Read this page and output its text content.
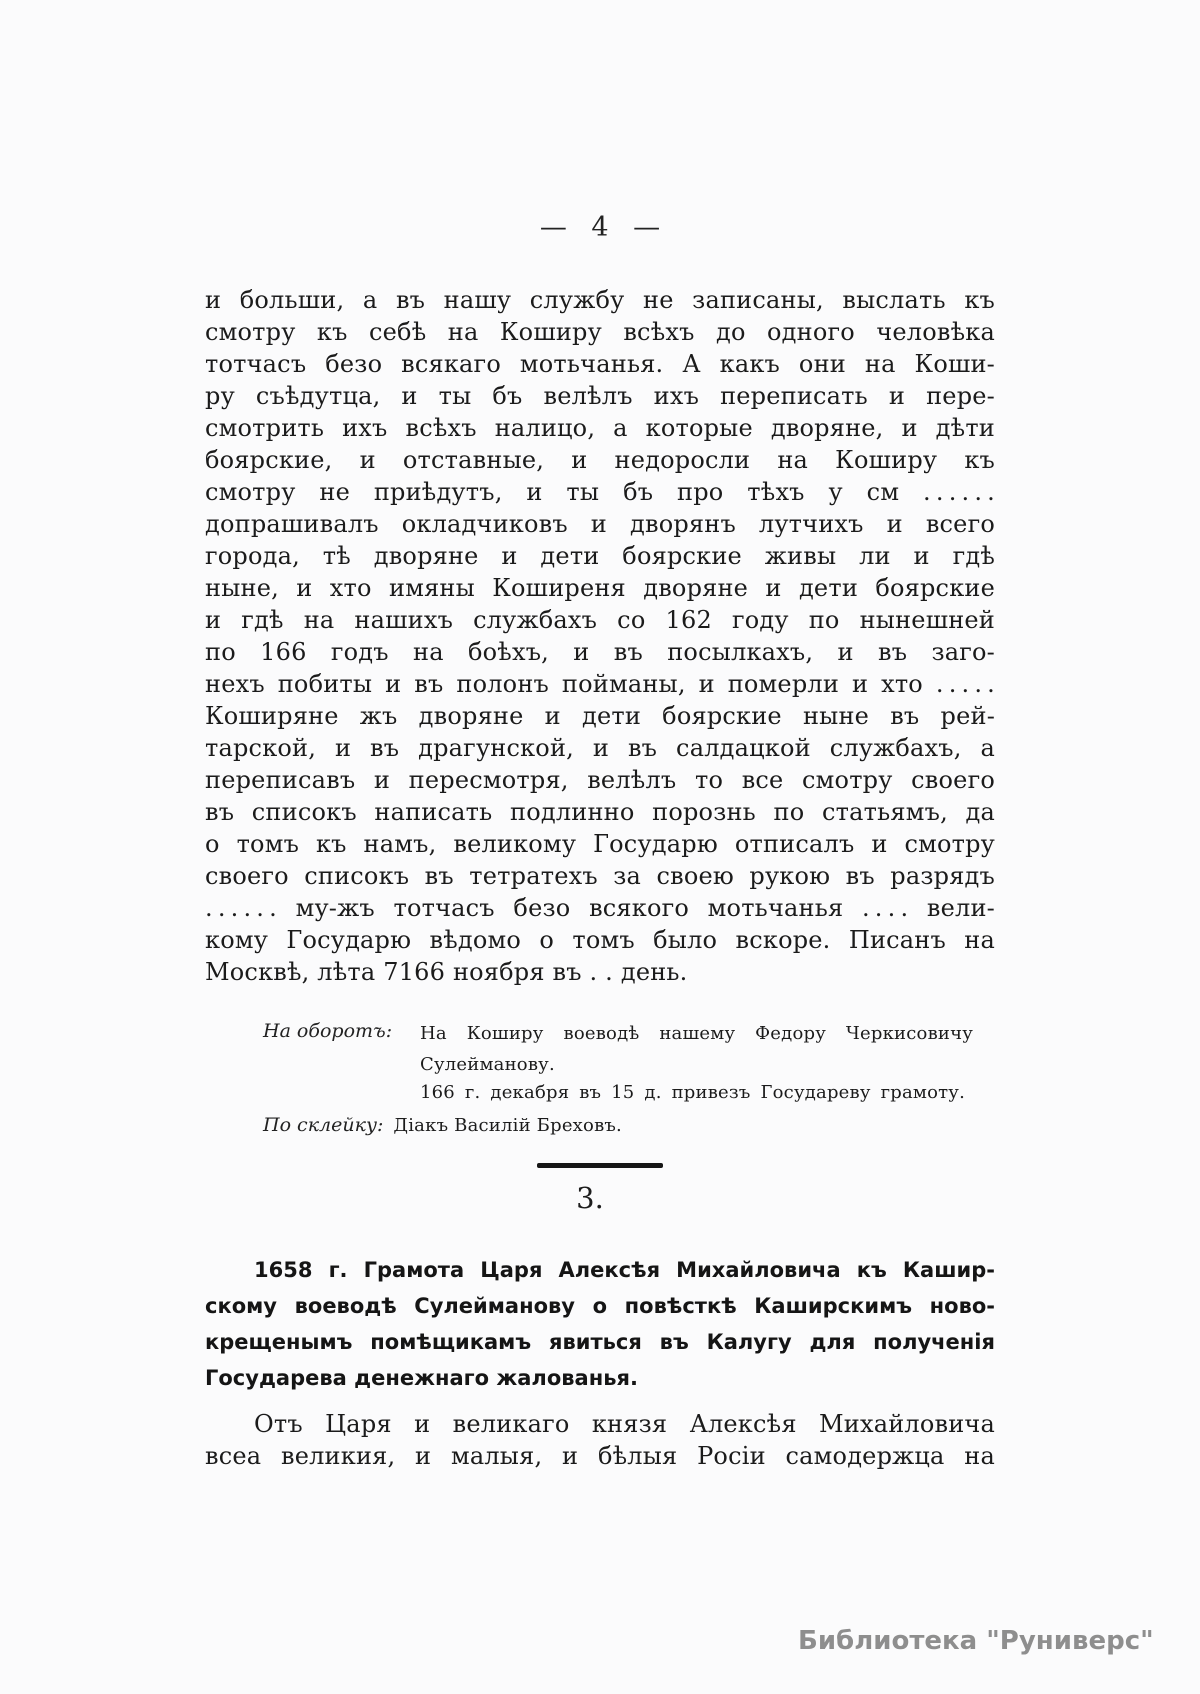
— 4 —
и больши, а въ нашу службу не записаны, выслать къ
смотру къ себѣ на Коширу всѣхъ до одного человѣка
тотчасъ безо всякаго мотьчанья. А какъ они на Коши-
ру съѣдутца, и ты бъ велѣлъ ихъ переписать и пере-
смотрить ихъ всѣхъ налицо, а которые дворяне, и дѣти
боярские, и отставные, и недоросли на Коширу къ
смотру не приѣдутъ, и ты бъ про тѣхъ у см . . . . . .
допрашивалъ окладчиковъ и дворянъ лутчихъ и всего
города, тѣ дворяне и дети боярские живы ли и гдѣ
ныне, и хто имяны Коширеня дворяне и дети боярские
и гдѣ на нашихъ службахъ со 162 году по нынешней
по 166 годъ на боѣхъ, и въ посылкахъ, и въ заго-
нехъ побиты и въ полонъ пойманы, и померли и хто . . . . .
Коширяне жъ дворяне и дети боярские ныне въ рей-
тарской, и въ драгунской, и въ салдацкой службахъ, а
переписавъ и пересмотря, велѣлъ то все смотру своего
въ списокъ написать подлинно порознь по статьямъ, да
о томъ къ намъ, великому Государю отписалъ и смотру
своего списокъ въ тетратехъ за своею рукою въ разрядъ
. . . . . . му-жъ тотчасъ безо всякого мотьчанья . . . . вели-
кому Государю вѣдомо о томъ было вскоре. Писанъ на
Москвѣ, лѣта 7166 ноября въ . . день.
На оборотъ: На Коширу воеводѣ нашему Федору Черкисовичу
Сулейманову.
166 г. декабря въ 15 д. привезъ Государеву грамоту.
По склейку: Діакъ Василій Бреховъ.
3.
1658 г. Грамота Царя Алексѣя Михайловича къ Кашир-
скому воеводѣ Сулейманову о повѣсткѣ Каширскимъ ново-
крещенымъ помѣщикамъ явиться въ Калугу для полученія
Государева денежнаго жалованья.
Отъ Царя и великаго князя Алексѣя Михайловича
всеа великия, и малыя, и бѣлыя Росіи самодержца на
Библиотека "Руниверс"
